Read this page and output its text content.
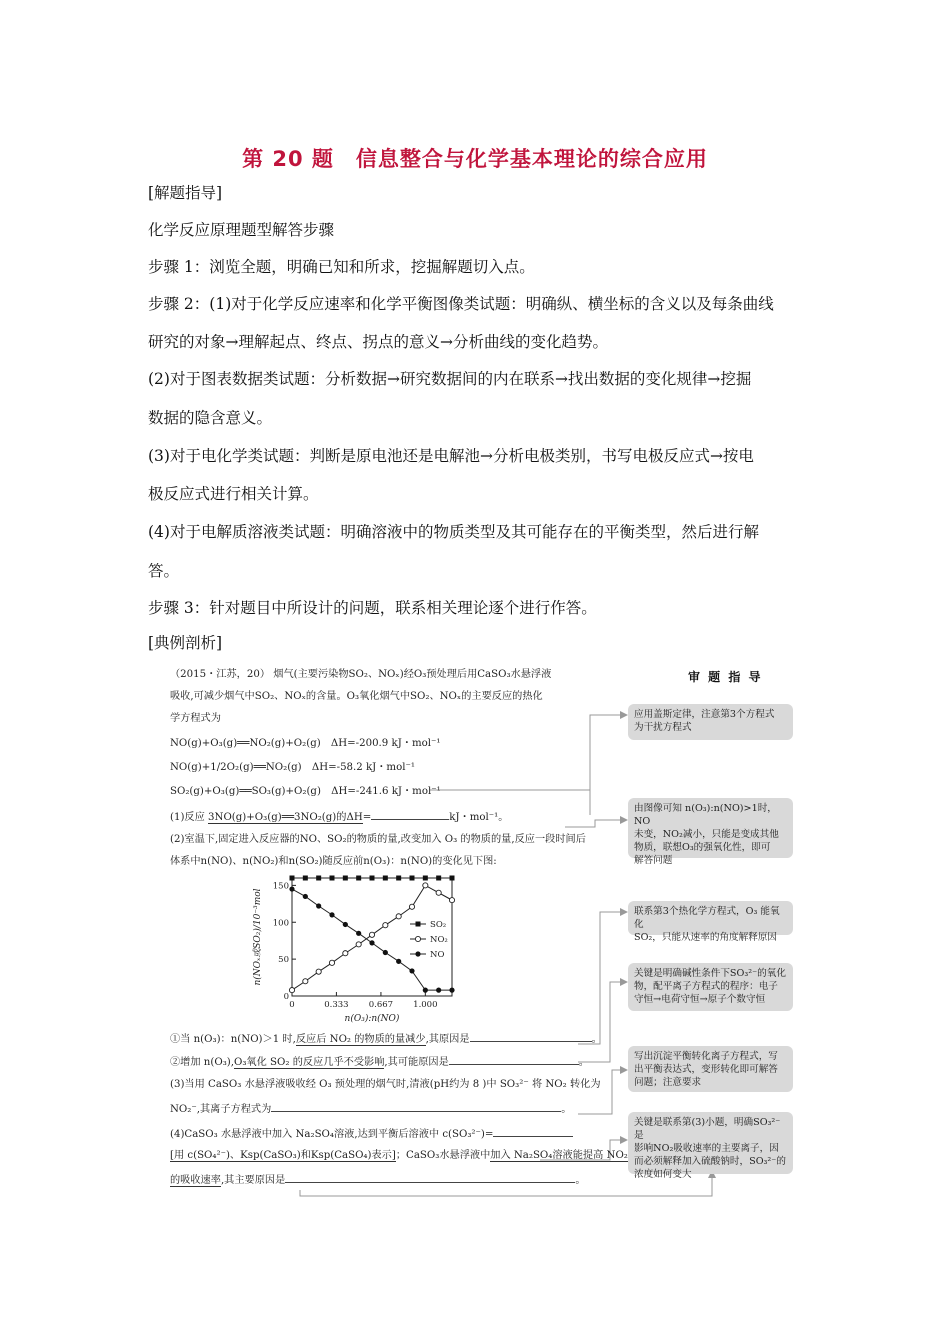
第 20 题　信息整合与化学基本理论的综合应用
[解题指导]
化学反应原理题型解答步骤
步骤 1：浏览全题，明确已知和所求，挖掘解题切入点。
步骤 2：(1)对于化学反应速率和化学平衡图像类试题：明确纵、横坐标的含义以及每条曲线
研究的对象→理解起点、终点、拐点的意义→分析曲线的变化趋势。
(2)对于图表数据类试题：分析数据→研究数据间的内在联系→找出数据的变化规律→挖掘
数据的隐含意义。
(3)对于电化学类试题：判断是原电池还是电解池→分析电极类别，书写电极反应式→按电
极反应式进行相关计算。
(4)对于电解质溶液类试题：明确溶液中的物质类型及其可能存在的平衡类型，然后进行解
答。
步骤 3：针对题目中所设计的问题，联系相关理论逐个进行作答。
[典例剖析]
（2015・江苏，20） 烟气(主要污染物SO₂、NOₓ)经O₃预处理后用CaSO₃水悬浮液
吸收,可减少烟气中SO₂、NOₓ的含量。O₃氧化烟气中SO₂、NOₓ的主要反应的热化
学方程式为
NO(g)+O₃(g)══NO₂(g)+O₂(g)　ΔH=-200.9 kJ・mol⁻¹
NO(g)+1/2O₂(g)══NO₂(g)　ΔH=-58.2 kJ・mol⁻¹
SO₂(g)+O₃(g)══SO₃(g)+O₂(g)　ΔH=-241.6 kJ・mol⁻¹
(1)反应 3NO(g)+O₃(g)══3NO₂(g)的ΔH=	kJ・mol⁻¹。
(2)室温下,固定进入反应器的NO、SO₂的物质的量,改变加入 O₃ 的物质的量,反应一段时间后
体系中n(NO)、n(NO₂)和n(SO₂)随反应前n(O₃)：n(NO)的变化见下图:
0	0.333 0.667 1.000
0
50
100
150
n(O₃):n(NO)
n(NOₓ或SO₂)/10⁻³mol	SO₂
NO₂
NO
①当 n(O₃)：n(NO)＞1 时,反应后 NO₂ 的物质的量减少,其原因是	。
②增加 n(O₃),O₃氧化 SO₂ 的反应几乎不受影响,其可能原因是	。
(3)当用 CaSO₃ 水悬浮液吸收经 O₃ 预处理的烟气时,清液(pH约为 8 )中 SO₃²⁻ 将 NO₂ 转化为
NO₂⁻,其离子方程式为	。
(4)CaSO₃ 水悬浮液中加入 Na₂SO₄溶液,达到平衡后溶液中 c(SO₃²⁻)=
[用 c(SO₄²⁻)、Ksp(CaSO₃)和Ksp(CaSO₄)表示]；CaSO₃水悬浮液中加入 Na₂SO₄溶液能提高 NO₂
的吸收速率,其主要原因是	。
审 题 指 导
应用盖斯定律，注意第3个方程式
为干扰方程式
由图像可知 n(O₃):n(NO)>1时，NO
未变，NO₂减小，只能是变成其他
物质，联想O₃的强氧化性，即可
解答问题
联系第3个热化学方程式，O₃ 能氧化
SO₂，只能从速率的角度解释原因
关键是明确碱性条件下SO₃²⁻的氧化
物，配平离子方程式的程序：电子
守恒→电荷守恒→原子个数守恒
写出沉淀平衡转化离子方程式，写
出平衡表达式，变形转化即可解答
问题；注意要求
关键是联系第(3)小题，明确SO₃²⁻是
影响NO₂吸收速率的主要离子，因
而必须解释加入硫酸钠时，SO₃²⁻的
浓度如何变大
